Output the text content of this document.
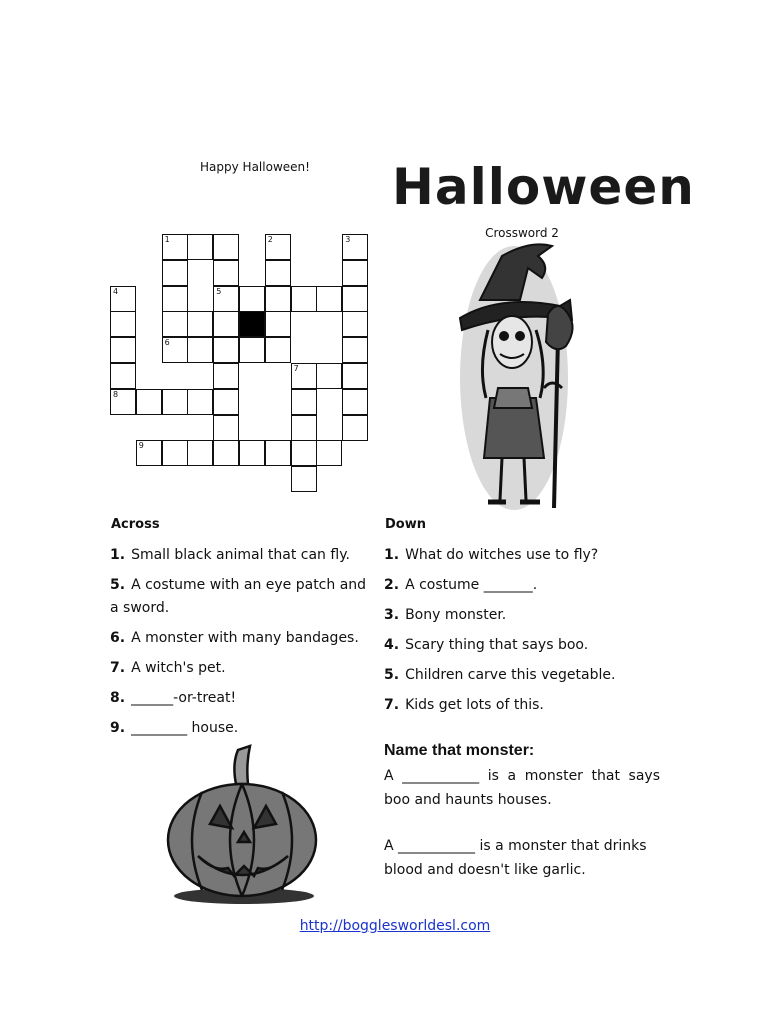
Happy Halloween!	Halloween
Crossword 2
1	2	3
4	5
6
7
8
9
Across
1. Small black animal that can fly.
5. A costume with an eye patch and a sword.
6. A monster with many bandages.
7. A witch's pet.
8. ______-or-treat!
9. ________ house.
Down
1. What do witches use to fly?
2. A costume _______.
3. Bony monster.
4. Scary thing that says boo.
5. Children carve this vegetable.
7. Kids get lots of this.
Name that monster:
A ___________ is a monster that says boo and haunts houses.
A ___________ is a monster that drinks blood and doesn't like garlic.
http://bogglesworldesl.com
